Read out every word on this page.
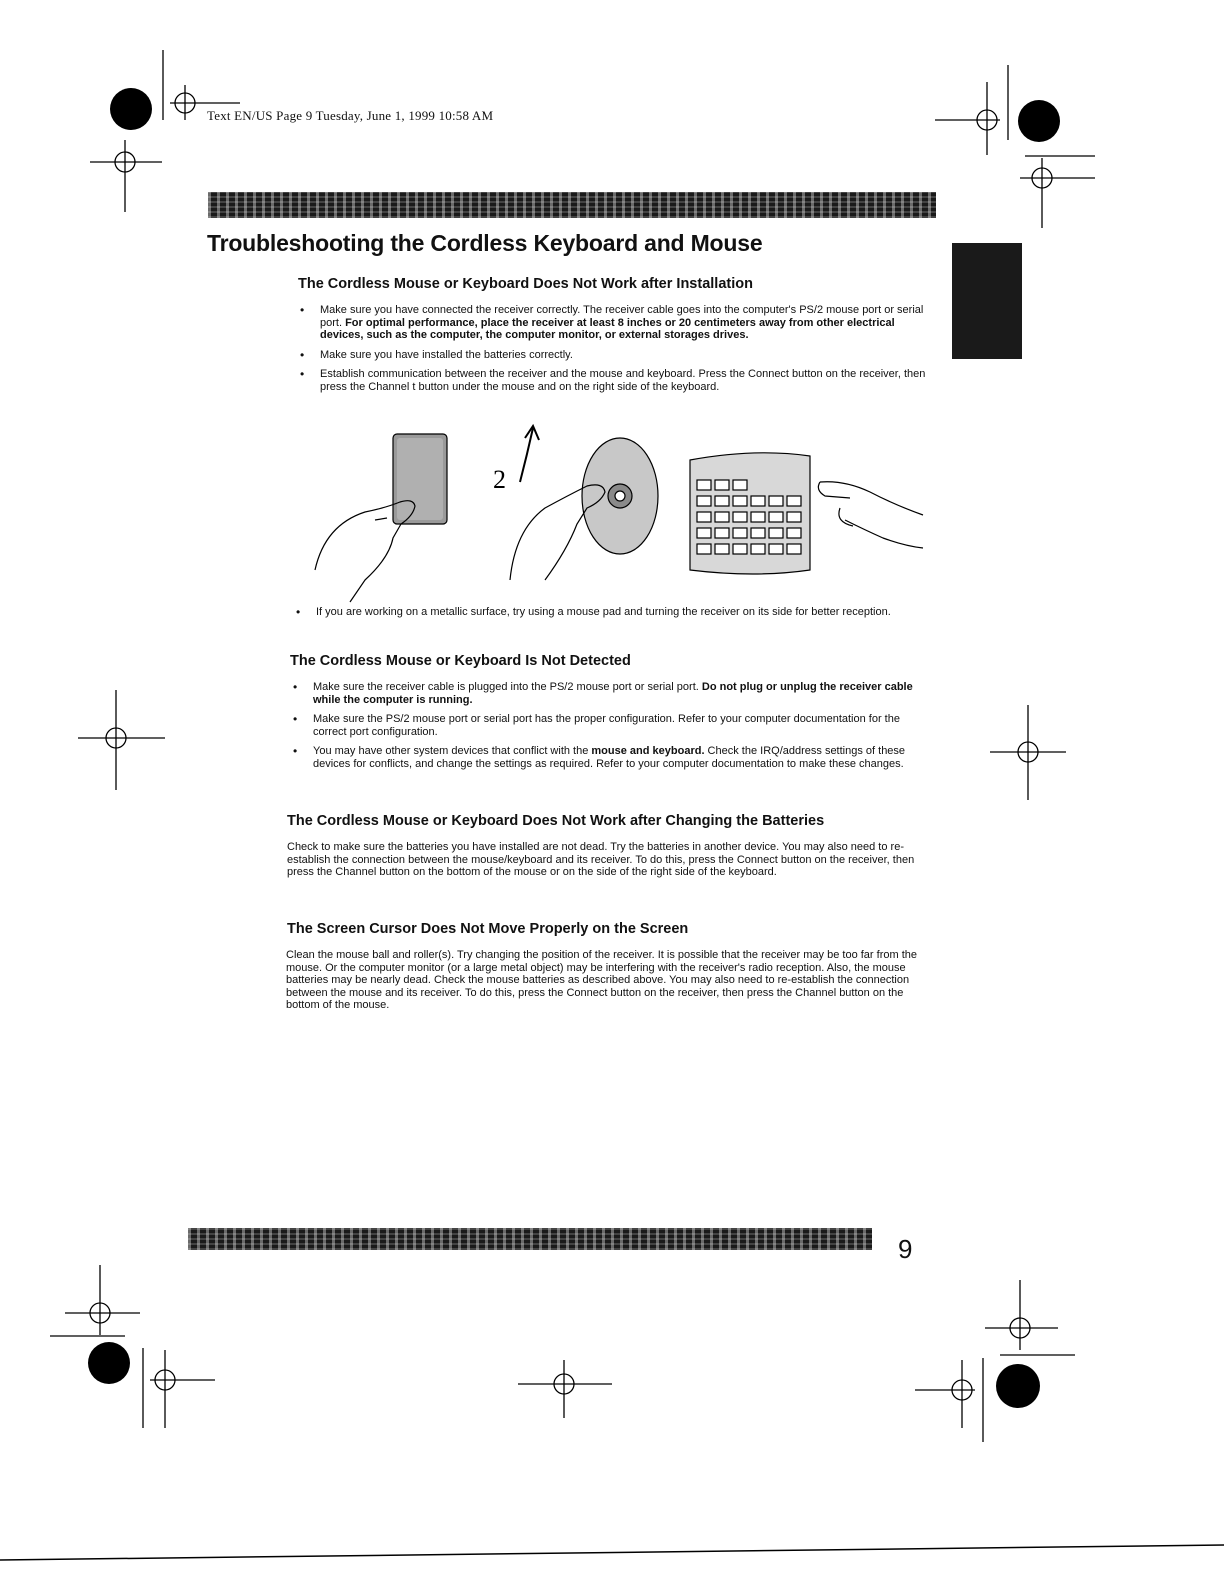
Text EN/US Page 9 Tuesday, June 1, 1999 10:58 AM
Troubleshooting the Cordless Keyboard and Mouse
The Cordless Mouse or Keyboard Does Not Work after Installation
• Make sure you have connected the receiver correctly. The receiver cable goes into the computer's PS/2 mouse port or serial port. For optimal performance, place the receiver at least 8 inches or 20 centimeters away from other electrical devices, such as the computer, the computer monitor, or external storages drives.
• Make sure you have installed the batteries correctly.
• Establish communication between the receiver and the mouse and keyboard. Press the Connect button on the receiver, then press the Channel t button under the mouse and on the right side of the keyboard.
2
• If you are working on a metallic surface, try using a mouse pad and turning the receiver on its side for better reception.
The Cordless Mouse or Keyboard Is Not Detected
• Make sure the receiver cable is plugged into the PS/2 mouse port or serial port. Do not plug or unplug the receiver cable while the computer is running.
• Make sure the PS/2 mouse port or serial port has the proper configuration. Refer to your computer documentation for the correct port configuration.
• You may have other system devices that conflict with the mouse and keyboard. Check the IRQ/address settings of these devices for conflicts, and change the settings as required. Refer to your computer documentation to make these changes.
The Cordless Mouse or Keyboard Does Not Work after Changing the Batteries

Check to make sure the batteries you have installed are not dead. Try the batteries in another device. You may also need to re-establish the connection between the mouse/keyboard and its receiver. To do this, press the Connect button on the receiver, then press the Channel button on the bottom of the mouse or on the side of the right side of the keyboard.

The Screen Cursor Does Not Move Properly on the Screen

Clean the mouse ball and roller(s). Try changing the position of the receiver. It is possible that the receiver may be too far from the mouse. Or the computer monitor (or a large metal object) may be interfering with the receiver's radio reception. Also, the mouse batteries may be nearly dead. Check the mouse batteries as described above. You may also need to re-establish the connection between the mouse and its receiver. To do this, press the Connect button on the receiver, then press the Channel button on the bottom of the mouse.

9
